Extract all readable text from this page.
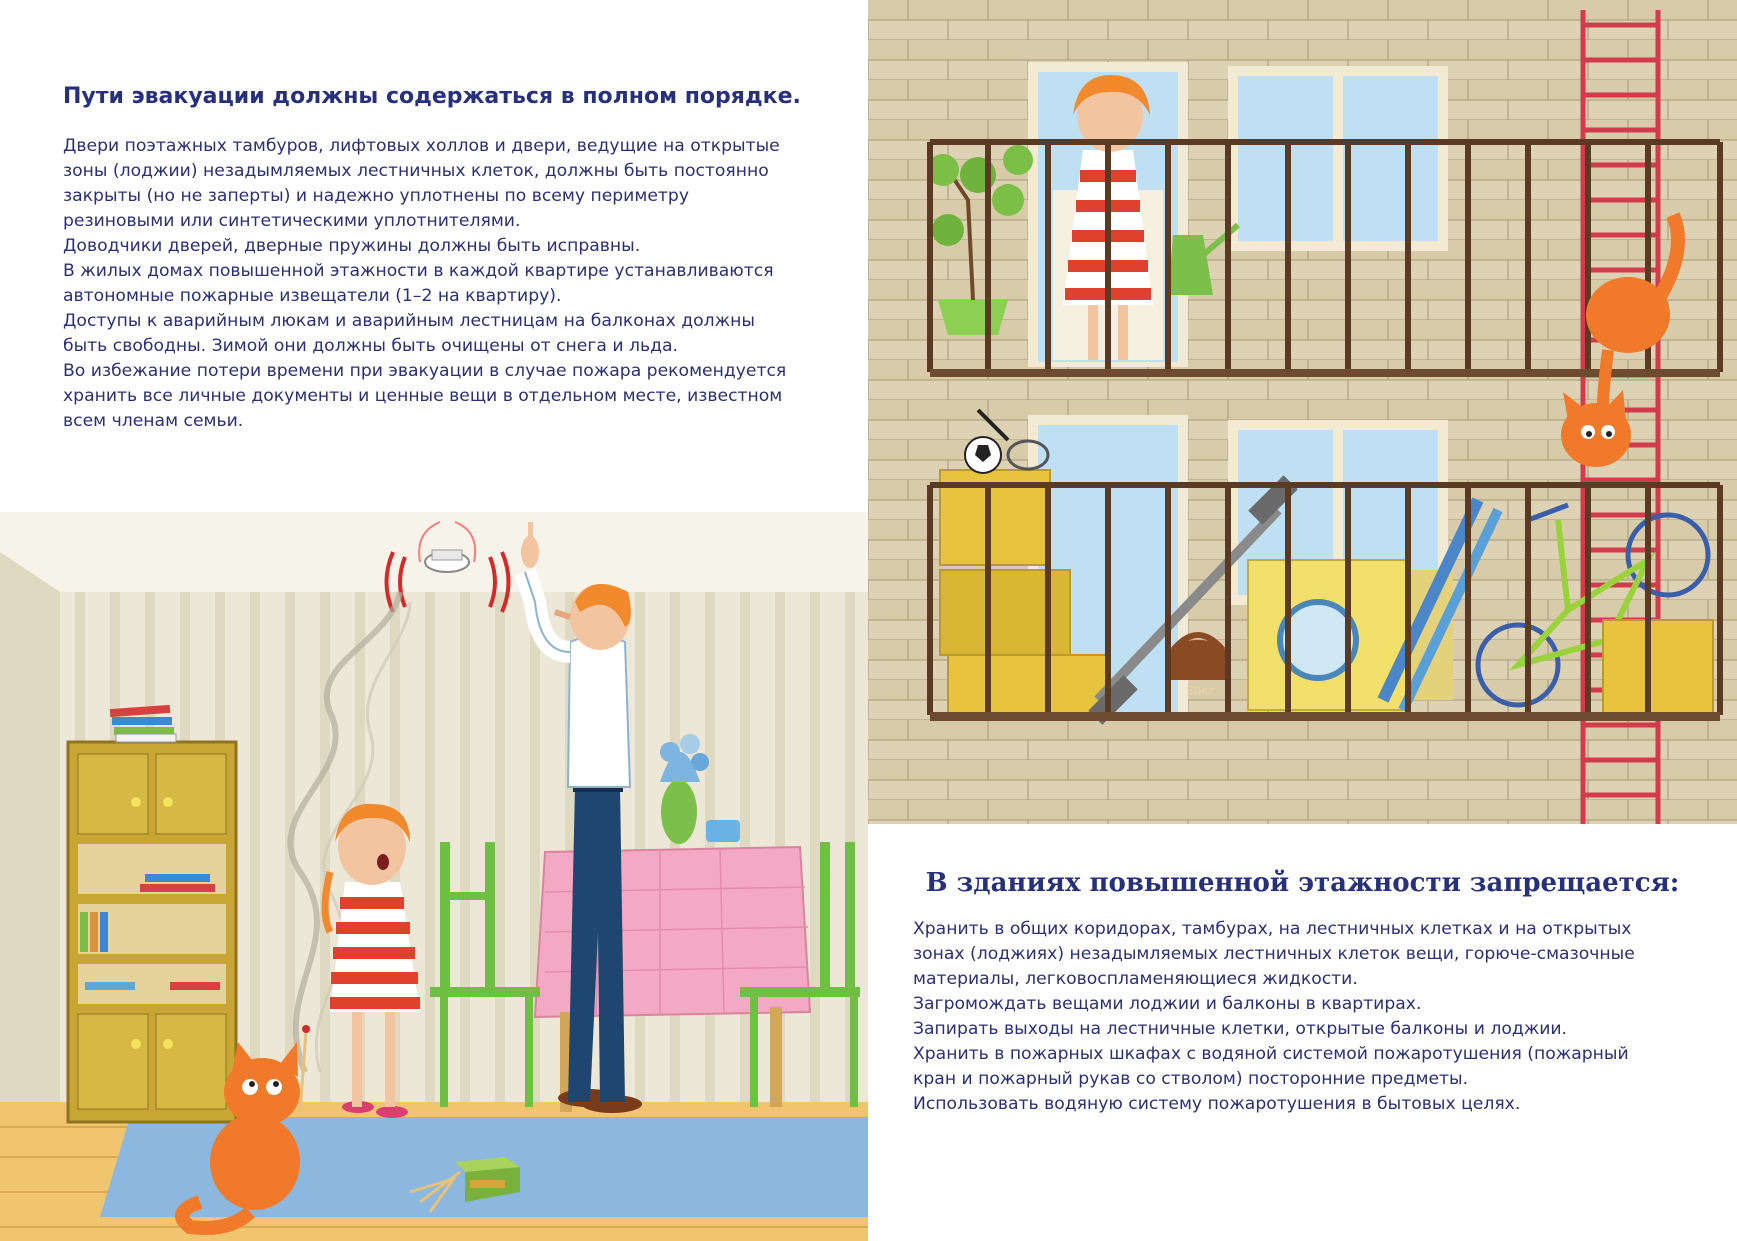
Пути эвакуации должны содержаться в полном порядке.
Двери поэтажных тамбуров, лифтовых холлов и двери, ведущие на открытые
зоны (лоджии) незадымляемых лестничных клеток, должны быть постоянно
закрыты (но не заперты) и надежно уплотнены по всему периметру
резиновыми или синтетическими уплотнителями.
Доводчики дверей, дверные пружины должны быть исправны.
В жилых домах повышенной этажности в каждой квартире устанавливаются
автономные пожарные извещатели (1–2 на квартиру).
Доступы к аварийным люкам и аварийным лестницам на балконах должны
быть свободны. Зимой они должны быть очищены от снега и льда.
Во избежание потери времени при эвакуации в случае пожара рекомендуется
хранить все личные документы и ценные вещи в отдельном месте, известном
всем членам семьи.
50кг
В зданиях повышенной этажности запрещается:
Хранить в общих коридорах, тамбурах, на лестничных клетках и на открытых
зонах (лоджиях) незадымляемых лестничных клеток вещи, горюче-смазочные
материалы, легковоспламеняющиеся жидкости.
Загромождать вещами лоджии и балконы в квартирах.
Запирать выходы на лестничные клетки, открытые балконы и лоджии.
Хранить в пожарных шкафах с водяной системой пожаротушения (пожарный
кран и пожарный рукав со стволом) посторонние предметы.
Использовать водяную систему пожаротушения в бытовых целях.
